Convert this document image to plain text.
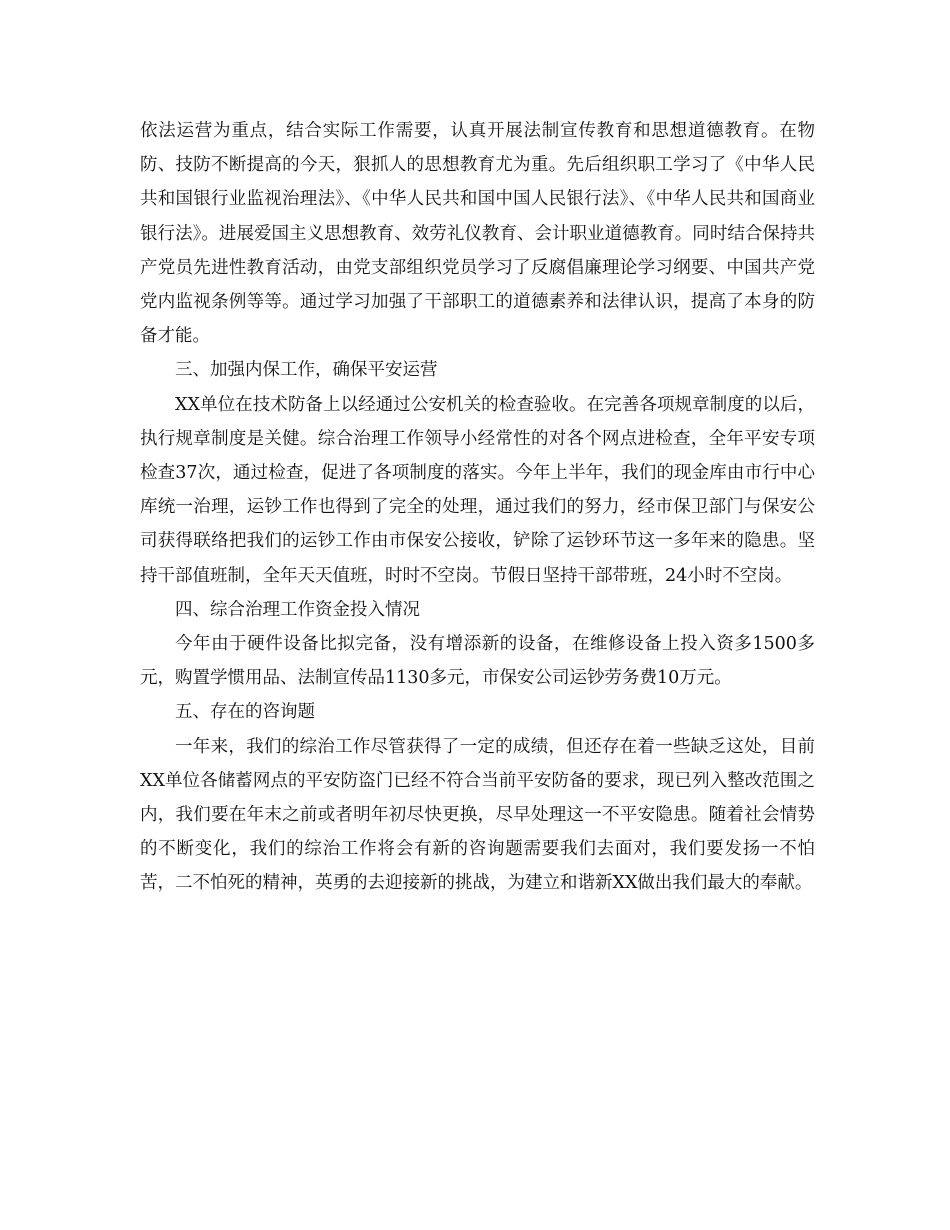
依法运营为重点，结合实际工作需要，认真开展法制宣传教育和思想道德教育。在物防、技防不断提高的今天，狠抓人的思想教育尤为重。先后组织职工学习了《中华人民共和国银行业监视治理法》、《中华人民共和国中国人民银行法》、《中华人民共和国商业银行法》。进展爱国主义思想教育、效劳礼仪教育、会计职业道德教育。同时结合保持共产党员先进性教育活动，由党支部组织党员学习了反腐倡廉理论学习纲要、中国共产党党内监视条例等等。通过学习加强了干部职工的道德素养和法律认识，提高了本身的防备才能。

三、加强内保工作，确保平安运营

XX单位在技术防备上以经通过公安机关的检查验收。在完善各项规章制度的以后，执行规章制度是关健。综合治理工作领导小经常性的对各个网点进检查，全年平安专项检查37次，通过检查，促进了各项制度的落实。今年上半年，我们的现金库由市行中心库统一治理，运钞工作也得到了完全的处理，通过我们的努力，经市保卫部门与保安公司获得联络把我们的运钞工作由市保安公接收，铲除了运钞环节这一多年来的隐患。坚持干部值班制，全年天天值班，时时不空岗。节假日坚持干部带班，24小时不空岗。

四、综合治理工作资金投入情况

今年由于硬件设备比拟完备，没有增添新的设备，在维修设备上投入资多1500多元，购置学惯用品、法制宣传品1130多元，市保安公司运钞劳务费10万元。

五、存在的咨询题

一年来，我们的综治工作尽管获得了一定的成绩，但还存在着一些缺乏这处，目前XX单位各储蓄网点的平安防盗门已经不符合当前平安防备的要求，现已列入整改范围之内，我们要在年末之前或者明年初尽快更换，尽早处理这一不平安隐患。随着社会情势的不断变化，我们的综治工作将会有新的咨询题需要我们去面对，我们要发扬一不怕苦，二不怕死的精神，英勇的去迎接新的挑战，为建立和谐新XX做出我们最大的奉献。
